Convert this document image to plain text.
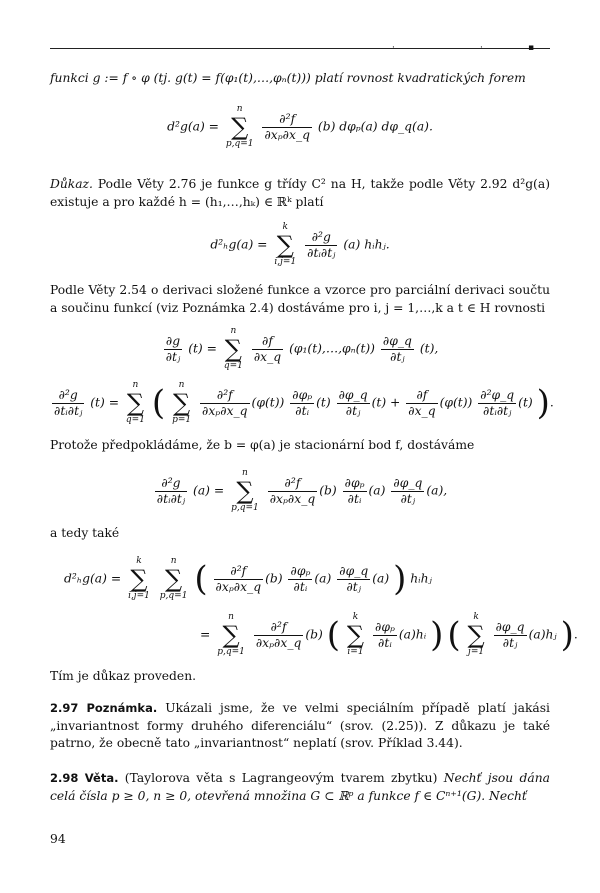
·	·	▪
funkci g := f ∘ φ (tj. g(t) = f(φ₁(t),…,φₙ(t))) platí rovnost kvadratických forem
d²g(a) =
n
∑
p,q=1

$\frac{\text{∂²f}}{\text{∂xₚ∂x\_q}} (b)$ dφₚ(a) dφ_q(a).
Důkaz. Podle Věty 2.76 je funkce g třídy C² na H, takže podle Věty 2.92 d²g(a) existuje a pro každé h = (h₁,…,hₖ) ∈ ℝᵏ platí
d²ₕg(a) =
k
∑
i,j=1

$\frac{\text{∂²g}}{\text{∂tᵢ∂tⱼ}} (a)$ hᵢhⱼ.
Podle Věty 2.54 o derivaci složené funkce a vzorce pro parciální derivaci součtu a součinu funkcí (viz Poznámka 2.4) dostáváme pro i, j = 1,…,k a t ∈ H rovnosti
$\frac{\partial g}{\text{∂tⱼ}} (t)$ =
n
∑
q=1

$\frac{\partial f}{\partial x\_q}$ (φ₁(t),…,φₙ(t)) $\frac{\partial\varphi\_q}{\text{∂tⱼ}} (t)$,
$\frac{\text{∂²g}}{\text{∂tᵢ∂tⱼ}} (t)$ =
n
∑
q=1 (	n
∑
p=1

$\frac{\text{∂²f}}{\text{∂xₚ∂x\_q}} (\varphi(t)) \frac{\text{∂φₚ}}{\text{∂tᵢ}} (t) \frac{\partial\varphi\_q}{\text{∂tⱼ}} (t) + \frac{\partial f}{\partial x\_q} (\varphi(t)) \frac{\text{∂²φ\_q}}{\text{∂tᵢ∂tⱼ}} (t)$ ).
Protože předpokládáme, že b = φ(a) je stacionární bod f, dostáváme
$\frac{\text{∂²g}}{\text{∂tᵢ∂tⱼ}} (a)$ =
n
∑
p,q=1

$\frac{\text{∂²f}}{\text{∂xₚ∂x\_q}} (b) \frac{\text{∂φₚ}}{\text{∂tᵢ}} (a) \frac{\partial\varphi\_q}{\text{∂tⱼ}} (a)$,
a tedy také
d²ₕg(a) =
k
∑
i,j=1

n
∑
p,q=1 ( $\frac{\text{∂²f}}{\text{∂xₚ∂x\_q}} (b) \frac{\text{∂φₚ}}{\text{∂tᵢ}} (a) \frac{\partial\varphi\_q}{\text{∂tⱼ}} (a)$ ) hᵢhⱼ
=
n
∑
p,q=1

$\frac{\text{∂²f}}{\text{∂xₚ∂x\_q}} (b)$ (	k
∑
i=1

$\frac{\text{∂φₚ}}{\text{∂tᵢ}}$ (a)hᵢ ) (	k
∑
j=1

$\frac{\partial\varphi\_q}{\text{∂tⱼ}}$ (a)hⱼ ).
Tím je důkaz proveden.
2.97 Poznámka. Ukázali jsme, že ve velmi speciálním případě platí jakási „invariantnost formy druhého diferenciálu“ (srov. (2.25)). Z důkazu je také patrno, že obecně tato „invariantnost“ neplatí (srov. Příklad 3.44).
2.98 Věta. (Taylorova věta s Lagrangeovým tvarem zbytku) Nechť jsou dána celá čísla p ≥ 0, n ≥ 0, otevřená množina G ⊂ ℝᵖ a funkce f ∈ Cⁿ⁺¹(G). Nechť
94
